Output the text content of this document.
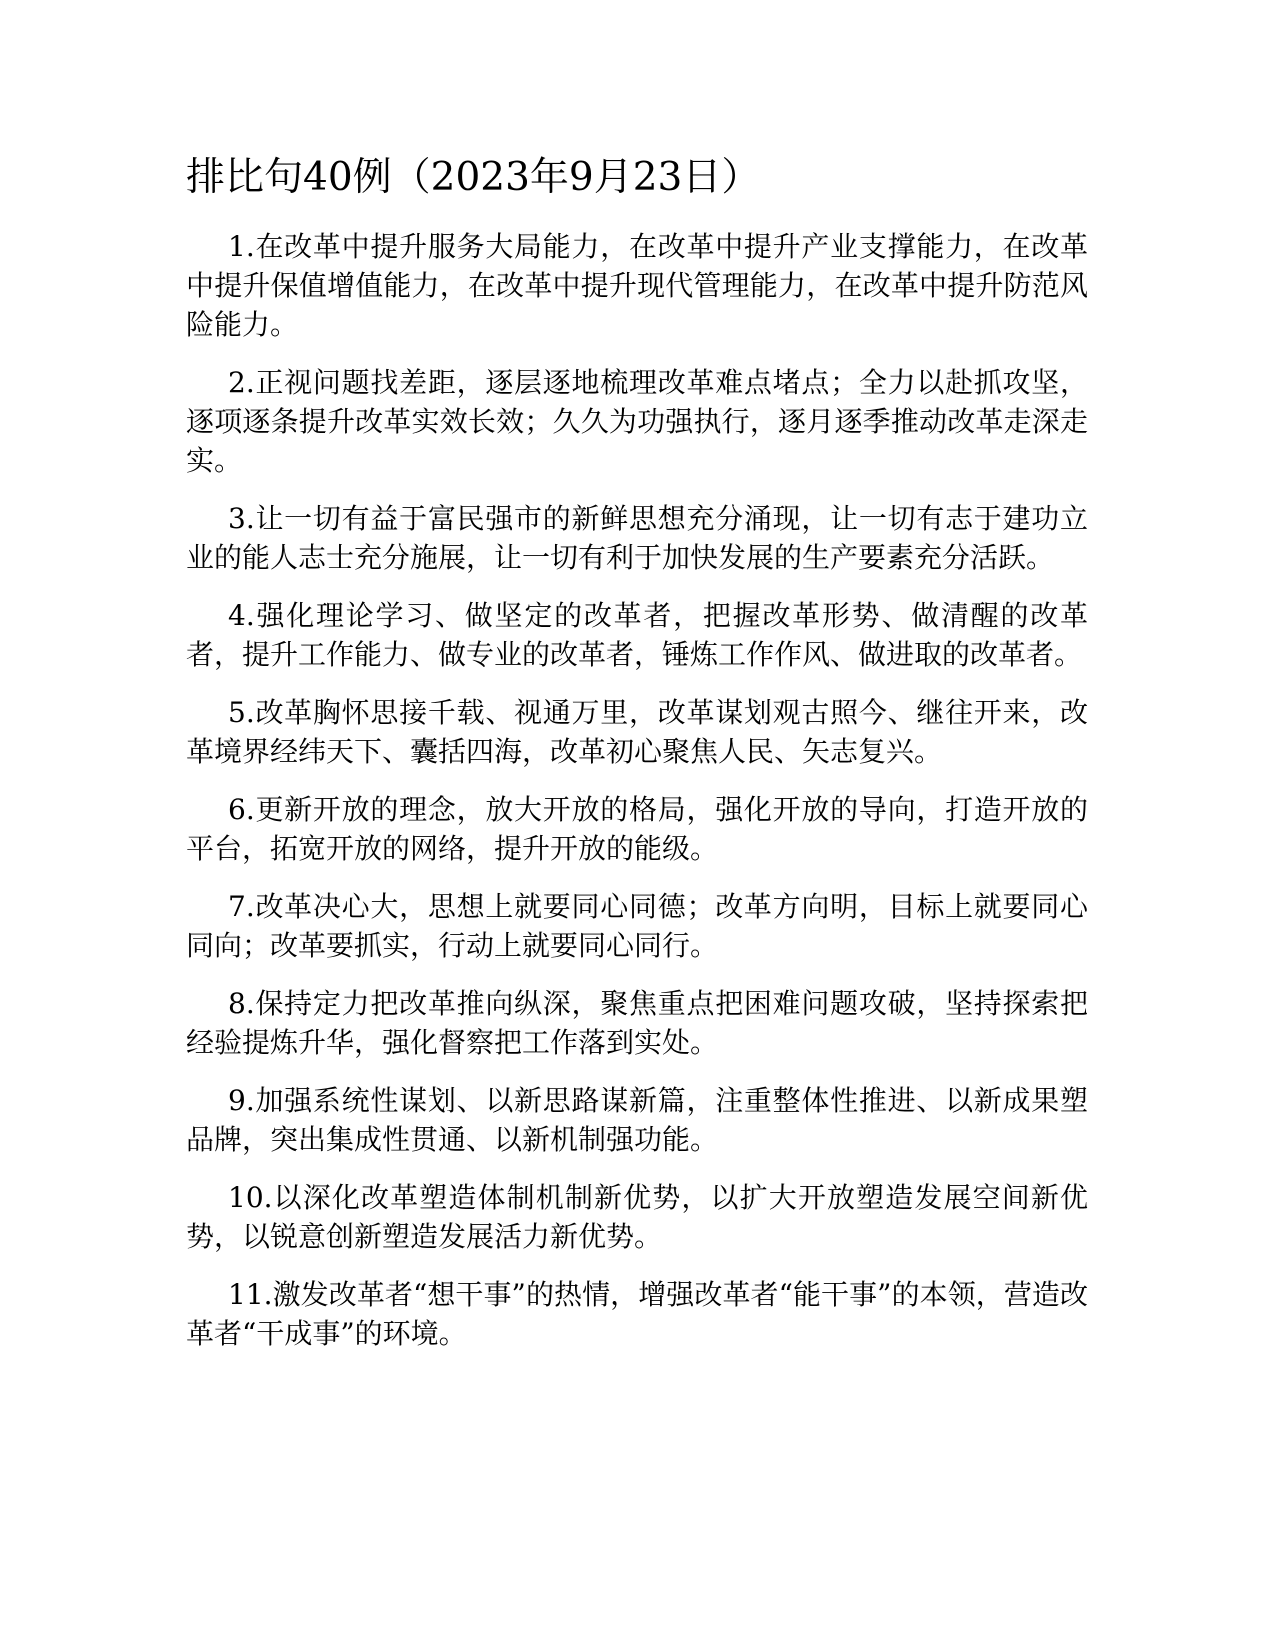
排比句40例（2023年9月23日）

1.在改革中提升服务大局能力，在改革中提升产业支撑能力，在改革中提升保值增值能力，在改革中提升现代管理能力，在改革中提升防范风险能力。

2.正视问题找差距，逐层逐地梳理改革难点堵点；全力以赴抓攻坚，逐项逐条提升改革实效长效；久久为功强执行，逐月逐季推动改革走深走实。

3.让一切有益于富民强市的新鲜思想充分涌现，让一切有志于建功立业的能人志士充分施展，让一切有利于加快发展的生产要素充分活跃。

4.强化理论学习、做坚定的改革者，把握改革形势、做清醒的改革者，提升工作能力、做专业的改革者，锤炼工作作风、做进取的改革者。

5.改革胸怀思接千载、视通万里，改革谋划观古照今、继往开来，改革境界经纬天下、囊括四海，改革初心聚焦人民、矢志复兴。

6.更新开放的理念，放大开放的格局，强化开放的导向，打造开放的平台，拓宽开放的网络，提升开放的能级。

7.改革决心大，思想上就要同心同德；改革方向明，目标上就要同心同向；改革要抓实，行动上就要同心同行。

8.保持定力把改革推向纵深，聚焦重点把困难问题攻破，坚持探索把经验提炼升华，强化督察把工作落到实处。

9.加强系统性谋划、以新思路谋新篇，注重整体性推进、以新成果塑品牌，突出集成性贯通、以新机制强功能。

10.以深化改革塑造体制机制新优势，以扩大开放塑造发展空间新优势，以锐意创新塑造发展活力新优势。

11.激发改革者“想干事”的热情，增强改革者“能干事”的本领，营造改革者“干成事”的环境。
